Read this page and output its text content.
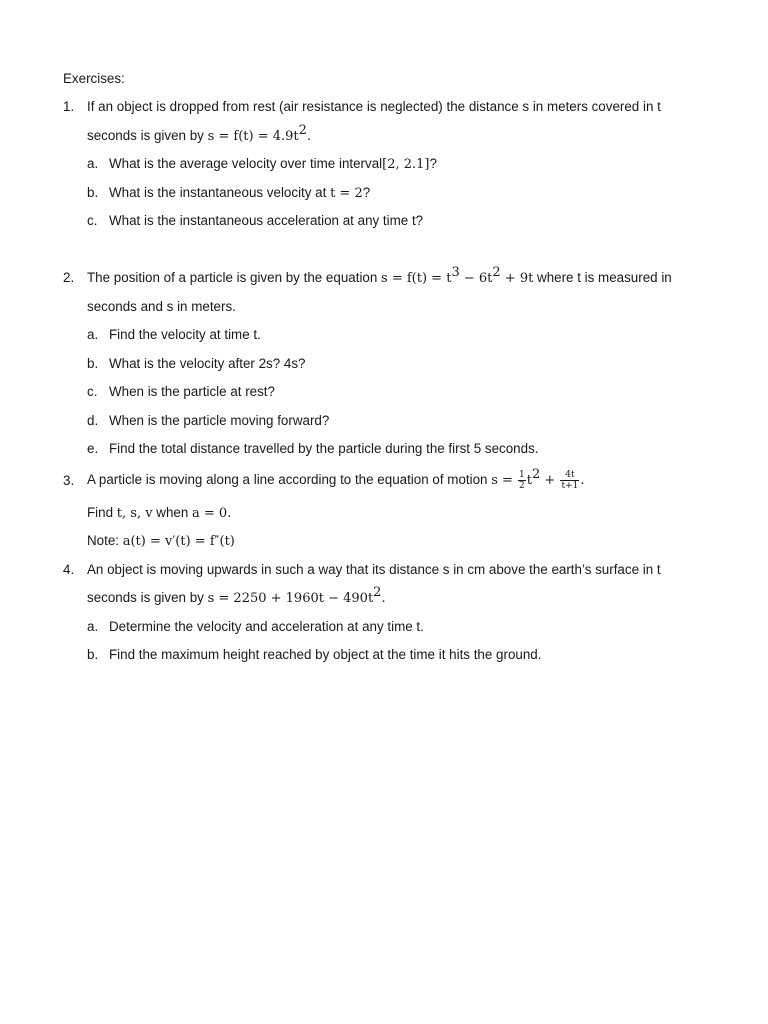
Exercises:
1. If an object is dropped from rest (air resistance is neglected) the distance s in meters covered in t
seconds is given by $s = f(t) = 4.9t^2$.
a. What is the average velocity over time interval[2, 2.1]?
b. What is the instantaneous velocity at t = 2?
c. What is the instantaneous acceleration at any time t?
2. The position of a particle is given by the equation $s = f(t) = t^3 - 6t^2 + 9t$ where t is measured in
seconds and s in meters.
a. Find the velocity at time t.
b. What is the velocity after 2s? 4s?
c. When is the particle at rest?
d. When is the particle moving forward?
e. Find the total distance travelled by the particle during the first 5 seconds.
3. A particle is moving along a line according to the equation of motion $s = \frac{1}{2} t^2 + \frac{4t}{t+1}$ .
Find t, s, v when a = 0.
Note: a(t) = v′(t) = f″(t)
4. An object is moving upwards in such a way that its distance s in cm above the earth’s surface in t
seconds is given by $s = 2250 + 1960t - 490t^2$.
a. Determine the velocity and acceleration at any time t.
b. Find the maximum height reached by object at the time it hits the ground.
